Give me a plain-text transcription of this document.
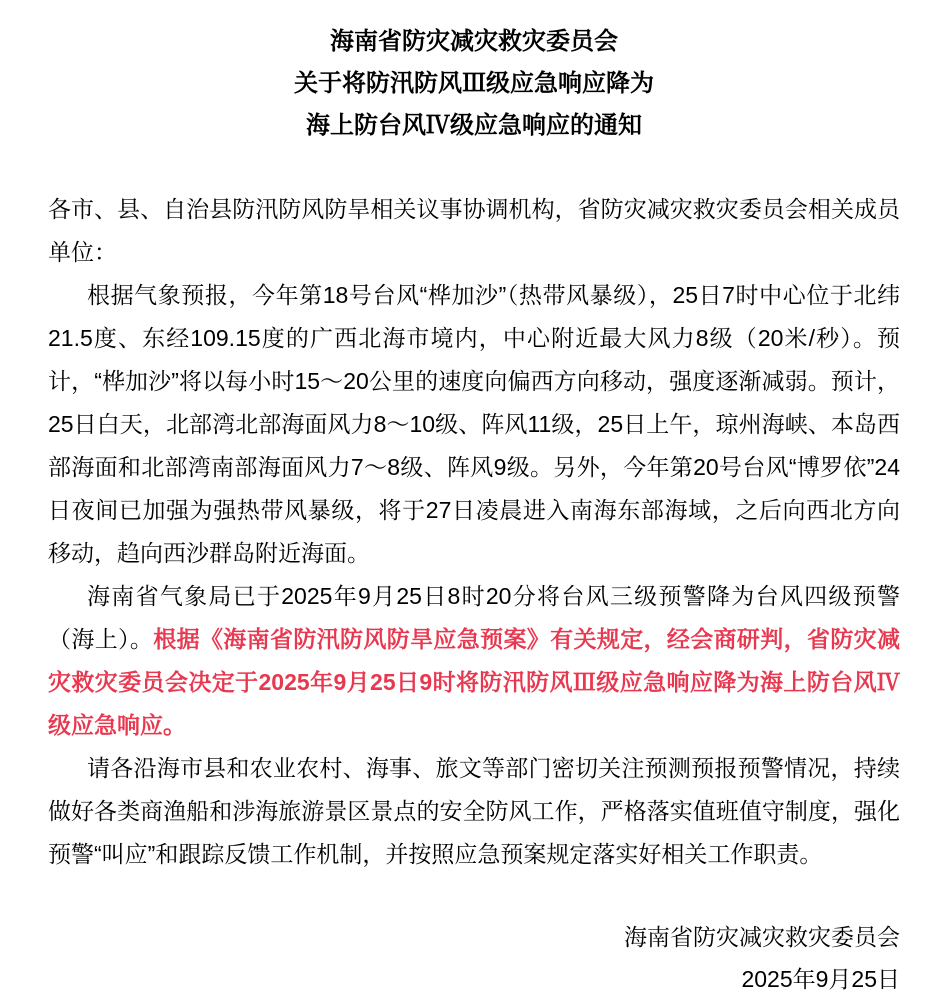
海南省防灾减灾救灾委员会

关于将防汛防风Ⅲ级应急响应降为

海上防台风Ⅳ级应急响应的通知

各市、县、自治县防汛防风防旱相关议事协调机构，省防灾减灾救灾委员会相关成员单位：

根据气象预报，今年第18号台风“桦加沙”（热带风暴级），25日7时中心位于北纬21.5度、东经109.15度的广西北海市境内，中心附近最大风力8级（20米/秒）。预计，“桦加沙”将以每小时15～20公里的速度向偏西方向移动，强度逐渐减弱。预计，25日白天，北部湾北部海面风力8～10级、阵风11级，25日上午，琼州海峡、本岛西部海面和北部湾南部海面风力7～8级、阵风9级。另外，今年第20号台风“博罗依”24日夜间已加强为强热带风暴级，将于27日凌晨进入南海东部海域，之后向西北方向移动，趋向西沙群岛附近海面。

海南省气象局已于2025年9月25日8时20分将台风三级预警降为台风四级预警（海上）。根据《海南省防汛防风防旱应急预案》有关规定，经会商研判，省防灾减灾救灾委员会决定于2025年9月25日9时将防汛防风Ⅲ级应急响应降为海上防台风Ⅳ级应急响应。

请各沿海市县和农业农村、海事、旅文等部门密切关注预测预报预警情况，持续做好各类商渔船和涉海旅游景区景点的安全防风工作，严格落实值班值守制度，强化预警“叫应”和跟踪反馈工作机制，并按照应急预案规定落实好相关工作职责。

海南省防灾减灾救灾委员会

2025年9月25日
